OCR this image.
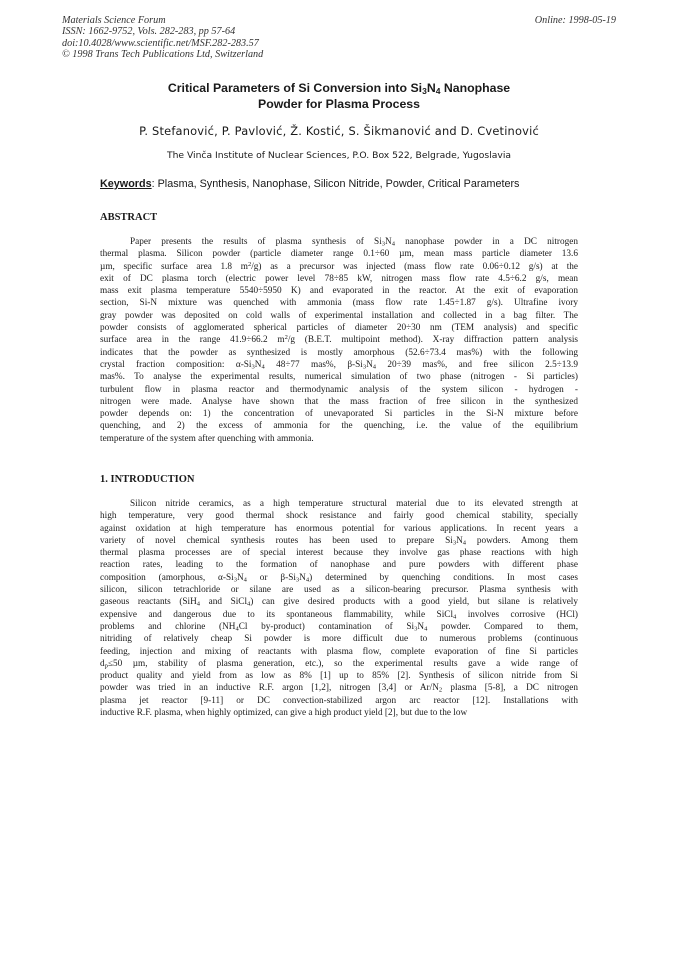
Materials Science Forum
ISSN: 1662-9752, Vols. 282-283, pp 57-64
doi:10.4028/www.scientific.net/MSF.282-283.57
© 1998 Trans Tech Publications Ltd, Switzerland
Online: 1998-05-19
Critical Parameters of Si Conversion into $Si_3N_4$ Nanophase
Powder for Plasma Process
P. Stefanović, P. Pavlović, Ž. Kostić, S. Šikmanović and D. Cvetinović
The Vinča Institute of Nuclear Sciences, P.O. Box 522, Belgrade, Yugoslavia
Keywords: Plasma, Synthesis, Nanophase, Silicon Nitride, Powder, Critical Parameters
ABSTRACT
Paper presents the results of plasma synthesis of $Si_3N_4$ nanophase powder in a DC nitrogen
thermal plasma. Silicon powder (particle diameter range 0.1÷60 µm, mean mass particle diameter 13.6
µm, specific surface area 1.8 $m^2/g$) as a precursor was injected (mass flow rate 0.06÷0.12 g/s) at the
exit of DC plasma torch (electric power level 78÷85 kW, nitrogen mass flow rate 4.5÷6.2 g/s, mean
mass exit plasma temperature 5540÷5950 K) and evaporated in the reactor. At the exit of evaporation
section, Si-N mixture was quenched with ammonia (mass flow rate 1.45÷1.87 g/s). Ultrafine ivory
gray powder was deposited on cold walls of experimental installation and collected in a bag filter. The
powder consists of agglomerated spherical particles of diameter 20÷30 nm (TEM analysis) and specific
surface area in the range 41.9÷66.2 $m^2/g$ (B.E.T. multipoint method). X-ray diffraction pattern analysis
indicates that the powder as synthesized is mostly amorphous (52.6÷73.4 mas%) with the following
crystal fraction composition: $\alpha-Si_3N_4$ 48÷77 mas%, $\beta-Si_3N_4$ 20÷39 mas%, and free silicon 2.5÷13.9
mas%. To analyse the experimental results, numerical simulation of two phase (nitrogen - Si particles)
turbulent flow in plasma reactor and thermodynamic analysis of the system silicon - hydrogen -
nitrogen were made. Analyse have shown that the mass fraction of free silicon in the synthesized
powder depends on: 1) the concentration of unevaporated Si particles in the Si-N mixture before
quenching, and 2) the excess of ammonia for the quenching, i.e. the value of the equilibrium
temperature of the system after quenching with ammonia.
1. INTRODUCTION
Silicon nitride ceramics, as a high temperature structural material due to its elevated strength at
high temperature, very good thermal shock resistance and fairly good chemical stability, specially
against oxidation at high temperature has enormous potential for various applications. In recent years a
variety of novel chemical synthesis routes has been used to prepare $Si_3N_4$ powders. Among them
thermal plasma processes are of special interest because they involve gas phase reactions with high
reaction rates, leading to the formation of nanophase and pure powders with different phase
composition (amorphous, $\alpha-Si_3N_4$ or $\beta-Si_3N_4$) determined by quenching conditions. In most cases
silicon, silicon tetrachloride or silane are used as a silicon-bearing precursor. Plasma synthesis with
gaseous reactants (SiH$_4$ and SiCl$_4$) can give desired products with a good yield, but silane is relatively
expensive and dangerous due to its spontaneous flammability, while SiCl$_4$ involves corrosive (HCl)
problems and chlorine ($NH_4Cl$ by-product) contamination of $Si_3N_4$ powder. Compared to them,
nitriding of relatively cheap Si powder is more difficult due to numerous problems (continuous
feeding, injection and mixing of reactants with plasma flow, complete evaporation of fine Si particles
$d_p\le 50$ µm, stability of plasma generation, etc.), so the experimental results gave a wide range of
product quality and yield from as low as 8% [1] up to 85% [2]. Synthesis of silicon nitride from Si
powder was tried in an inductive R.F. argon [1,2], nitrogen [3,4] or $Ar/N_2$ plasma [5-8], a DC nitrogen
plasma jet reactor [9-11] or DC convection-stabilized argon arc reactor [12]. Installations with
inductive R.F. plasma, when highly optimized, can give a high product yield [2], but due to the low
